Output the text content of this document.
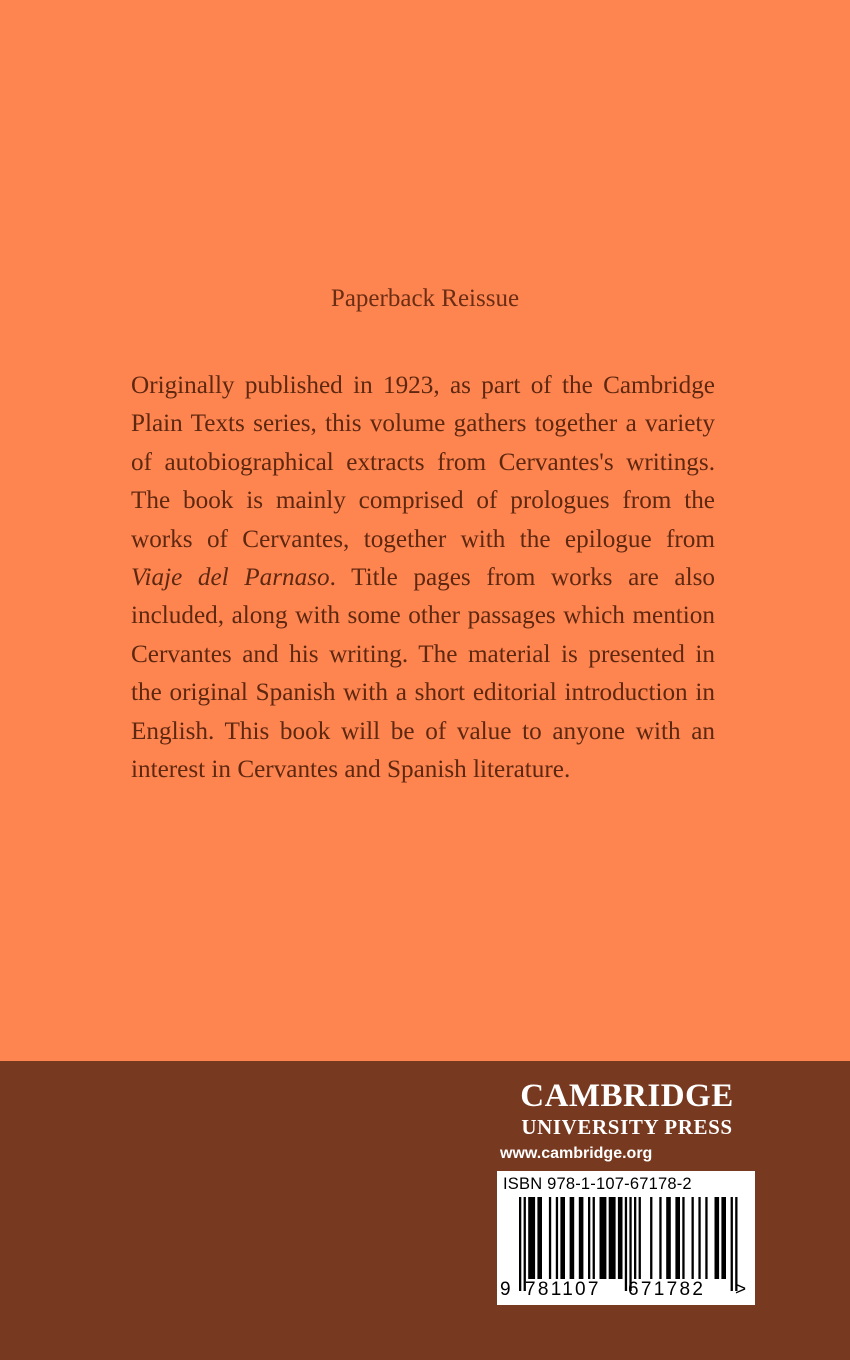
Paperback Reissue
Originally published in 1923, as part of the Cambridge Plain Texts series, this volume gathers together a variety of autobiographical extracts from Cervantes's writings. The book is mainly comprised of prologues from the works of Cervantes, together with the epilogue from Viaje del Parnaso. Title pages from works are also included, along with some other passages which mention Cervantes and his writing. The material is presented in the original Spanish with a short editorial introduction in English. This book will be of value to anyone with an interest in Cervantes and Spanish literature.
CAMBRIDGE
UNIVERSITY PRESS
www.cambridge.org
ISBN 978-1-107-67178-2
9 781107 671782 >
